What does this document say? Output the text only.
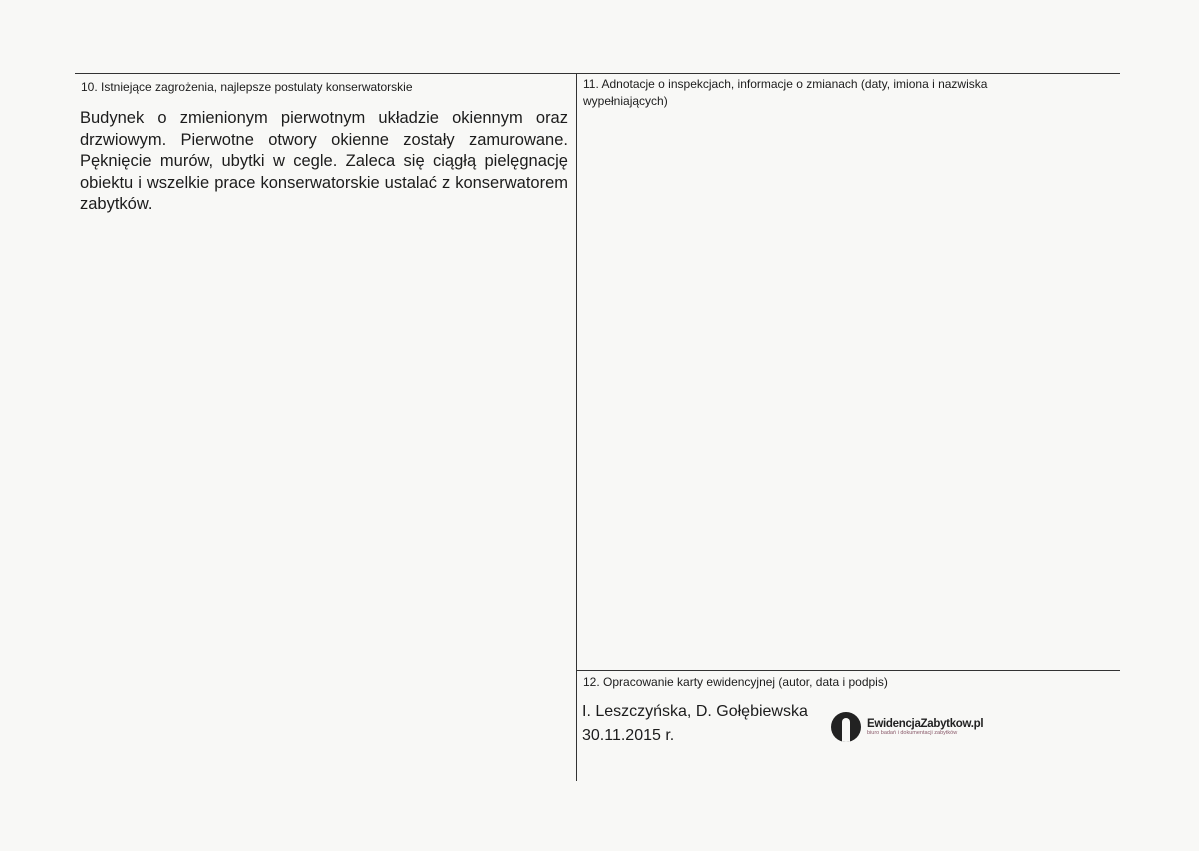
10. Istniejące zagrożenia, najlepsze postulaty konserwatorskie
Budynek o zmienionym pierwotnym układzie okiennym oraz drzwiowym. Pierwotne otwory okienne zostały zamurowane. Pęknięcie murów, ubytki w cegle. Zaleca się ciągłą pielęgnację obiektu i wszelkie prace konserwatorskie ustalać z konserwatorem zabytków.
11. Adnotacje o inspekcjach, informacje o zmianach (daty, imiona i nazwiska wypełniających)
12. Opracowanie karty ewidencyjnej (autor, data i podpis)
I. Leszczyńska, D. Gołębiewska
30.11.2015 r.
EwidencjaZabytkow.pl
biuro badań i dokumentacji zabytków
